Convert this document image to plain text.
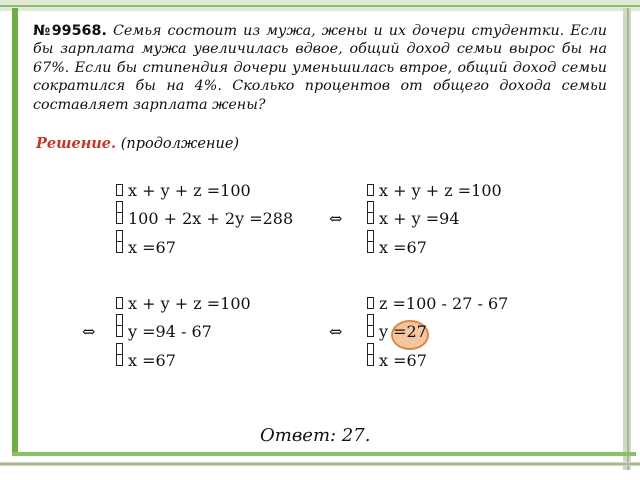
№99568. Семья состоит из мужа, жены и их дочери студентки. Если бы зарплата мужа увеличилась вдвое, общий доход семьи вырос бы на 67%. Если бы стипендия дочери уменьшилась втрое, общий доход семьи сократился бы на 4%. Сколько процентов от общего дохода семьи составляет зарплата жены?
Решение. (продолжение)
x + y + z =100
100 + 2x + 2y =288
x =67
⇔
x + y + z =100
x + y =94
x =67
⇔
x + y + z =100
y =94 - 67
x =67
⇔
z =100 - 27 - 67
y =27
x =67
Ответ: 27.
